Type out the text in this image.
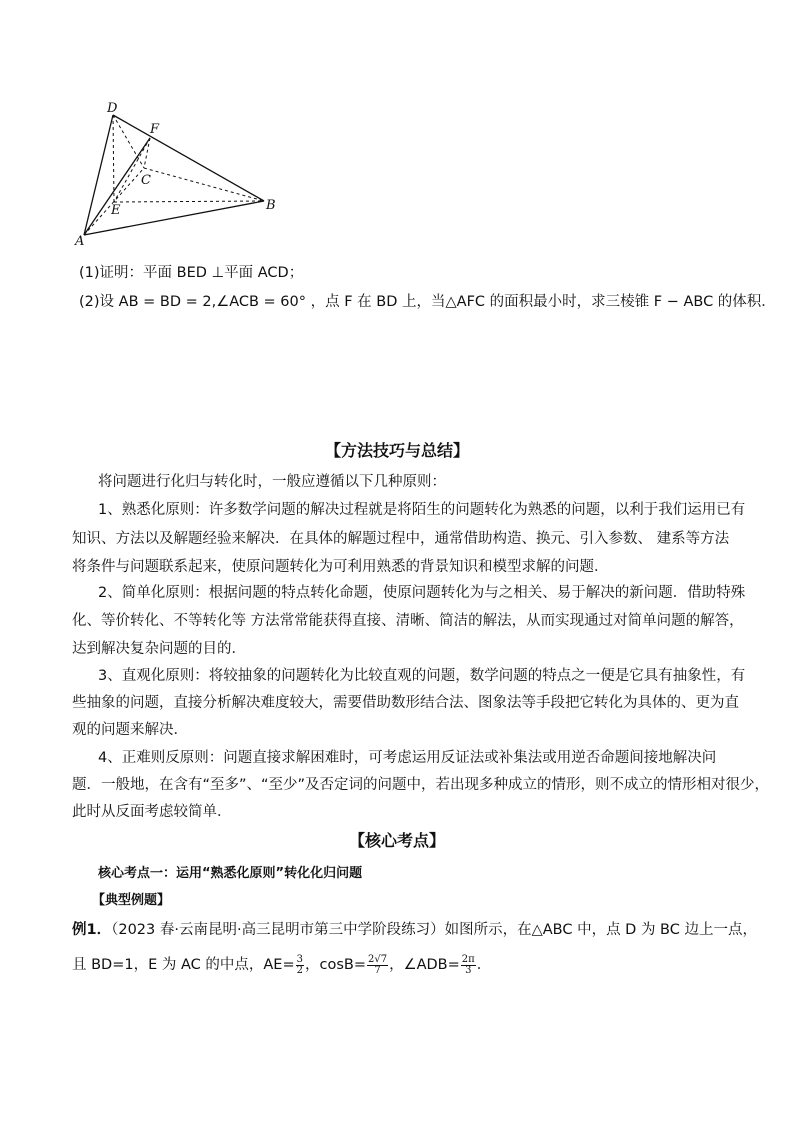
D
F
C
B
E
A
(1)证明：平面 BED ⊥平面 ACD；
(2)设 AB = BD = 2,∠ACB = 60° ，点 F 在 BD 上，当△AFC 的面积最小时，求三棱锥 F − ABC 的体积．
【方法技巧与总结】
将问题进行化归与转化时，一般应遵循以下几种原则：
1、熟悉化原则：许多数学问题的解决过程就是将陌生的问题转化为熟悉的问题，以利于我们运用已有
知识、方法以及解题经验来解决．在具体的解题过程中，通常借助构造、换元、引入参数、 建系等方法
将条件与问题联系起来，使原问题转化为可利用熟悉的背景知识和模型求解的问题．
2、简单化原则：根据问题的特点转化命题，使原问题转化为与之相关、易于解决的新问题．借助特殊
化、等价转化、不等转化等 方法常常能获得直接、清晰、简洁的解法，从而实现通过对简单问题的解答，
达到解决复杂问题的目的．
3、直观化原则：将较抽象的问题转化为比较直观的问题，数学问题的特点之一便是它具有抽象性，有
些抽象的问题，直接分析解决难度较大，需要借助数形结合法、图象法等手段把它转化为具体的、更为直
观的问题来解决．
4、正难则反原则：问题直接求解困难时，可考虑运用反证法或补集法或用逆否命题间接地解决问
题．一般地，在含有“至多”、“至少”及否定词的问题中，若出现多种成立的情形，则不成立的情形相对很少，
此时从反面考虑较简单．
【核心考点】
核心考点一：运用“熟悉化原则”转化化归问题
【典型例题】
例1．（2023 春·云南昆明·高三昆明市第三中学阶段练习）如图所示，在△ABC 中，点 D 为 BC 边上一点，
且 BD=1，E 为 AC 的中点，$AE= \frac{3}{2}$ ，$\cos B= \frac{2√7}{7}$ ，∠ADB= $\frac{2\pi}{3}$ ．
